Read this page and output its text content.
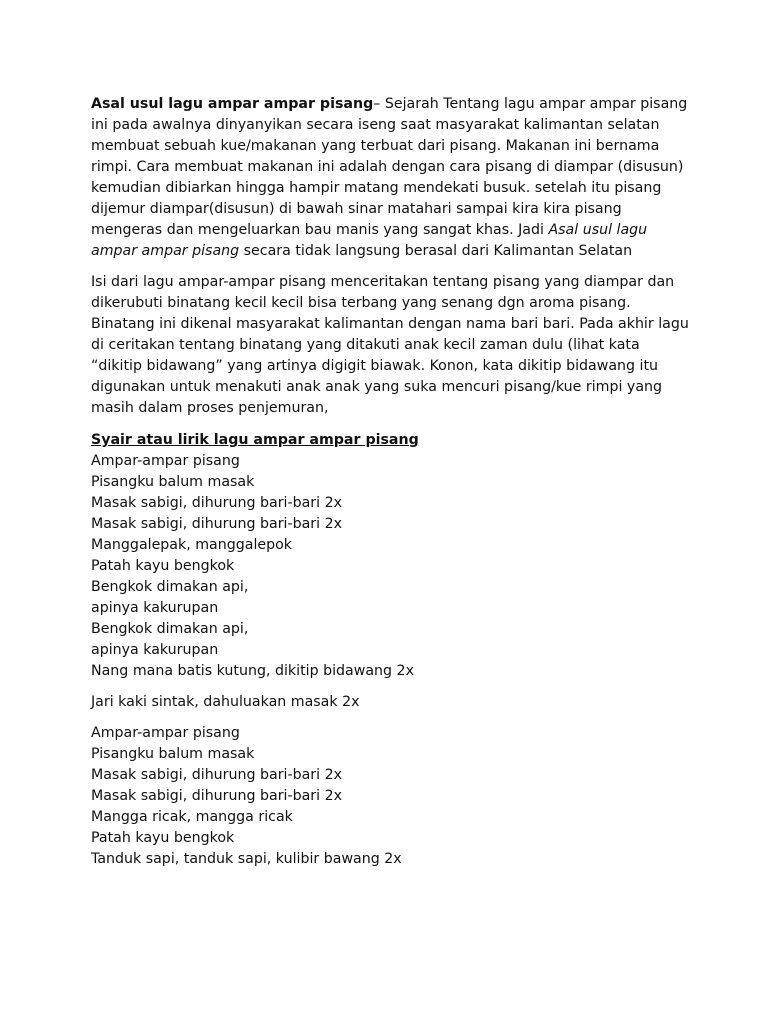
Asal usul lagu ampar ampar pisang– Sejarah Tentang lagu ampar ampar pisang ini pada awalnya dinyanyikan secara iseng saat masyarakat kalimantan selatan membuat sebuah kue/makanan yang terbuat dari pisang. Makanan ini bernama rimpi. Cara membuat makanan ini adalah dengan cara pisang di diampar (disusun) kemudian dibiarkan hingga hampir matang mendekati busuk. setelah itu pisang dijemur diampar(disusun) di bawah sinar matahari sampai kira kira pisang mengeras dan mengeluarkan bau manis yang sangat khas. Jadi Asal usul lagu ampar ampar pisang secara tidak langsung berasal dari Kalimantan Selatan

Isi dari lagu ampar-ampar pisang menceritakan tentang pisang yang diampar dan dikerubuti binatang kecil kecil bisa terbang yang senang dgn aroma pisang. Binatang ini dikenal masyarakat kalimantan dengan nama bari bari. Pada akhir lagu di ceritakan tentang binatang yang ditakuti anak kecil zaman dulu (lihat kata “dikitip bidawang” yang artinya digigit biawak. Konon, kata dikitip bidawang itu digunakan untuk menakuti anak anak yang suka mencuri pisang/kue rimpi yang masih dalam proses penjemuran,

Syair atau lirik lagu ampar ampar pisang

Ampar-ampar pisang
Pisangku balum masak
Masak sabigi, dihurung bari-bari 2x
Masak sabigi, dihurung bari-bari 2x
Manggalepak, manggalepok
Patah kayu bengkok
Bengkok dimakan api,
apinya kakurupan
Bengkok dimakan api,
apinya kakurupan
Nang mana batis kutung, dikitip bidawang 2x
Jari kaki sintak, dahuluakan masak 2x
Ampar-ampar pisang
Pisangku balum masak
Masak sabigi, dihurung bari-bari 2x
Masak sabigi, dihurung bari-bari 2x
Mangga ricak, mangga ricak
Patah kayu bengkok
Tanduk sapi, tanduk sapi, kulibir bawang 2x
